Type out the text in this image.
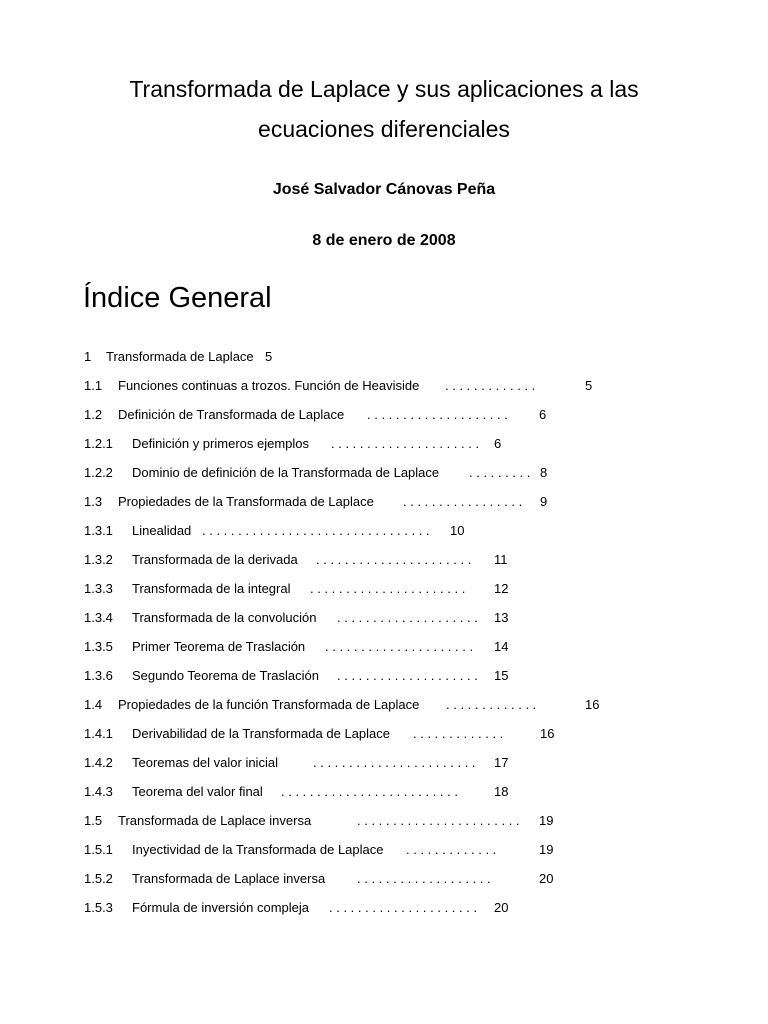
Transformada de Laplace y sus aplicaciones a las
ecuaciones diferenciales
José Salvador Cánovas Peña
8 de enero de 2008
Índice General
1 Transformada de Laplace 5
1.1 Funciones continuas a trozos. Función de Heaviside . . . . . . . . . . . . .	5
1.2 Definición de Transformada de Laplace . . . . . . . . . . . . . . . . . . . . 6
1.2.1 Definición y primeros ejemplos . . . . . . . . . . . . . . . . . . . . . 6
1.2.2 Dominio de definición de la Transformada de Laplace . . . . . . . . . 8
1.3 Propiedades de la Transformada de Laplace . . . . . . . . . . . . . . . . . 9
1.3.1 Linealidad . . . . . . . . . . . . . . . . . . . . . . . . . . . . . . . . 10
1.3.2 Transformada de la derivada . . . . . . . . . . . . . . . . . . . . . . 11
1.3.3 Transformada de la integral . . . . . . . . . . . . . . . . . . . . . . 12
1.3.4 Transformada de la convolución . . . . . . . . . . . . . . . . . . . . 13
1.3.5 Primer Teorema de Traslación . . . . . . . . . . . . . . . . . . . . . 14
1.3.6 Segundo Teorema de Traslación . . . . . . . . . . . . . . . . . . . . 15
1.4 Propiedades de la función Transformada de Laplace . . . . . . . . . . . . .	16
1.4.1 Derivabilidad de la Transformada de Laplace . . . . . . . . . . . . .	16
1.4.2 Teoremas del valor inicial	. . . . . . . . . . . . . . . . . . . . . . . 17
1.4.3 Teorema del valor final . . . . . . . . . . . . . . . . . . . . . . . . .	18
1.5 Transformada de Laplace inversa	. . . . . . . . . . . . . . . . . . . . . . . 19
1.5.1 Inyectividad de la Transformada de Laplace . . . . . . . . . . . . .	19
1.5.2 Transformada de Laplace inversa . . . . . . . . . . . . . . . . . . .	20
1.5.3 Fórmula de inversión compleja . . . . . . . . . . . . . . . . . . . . . 20
